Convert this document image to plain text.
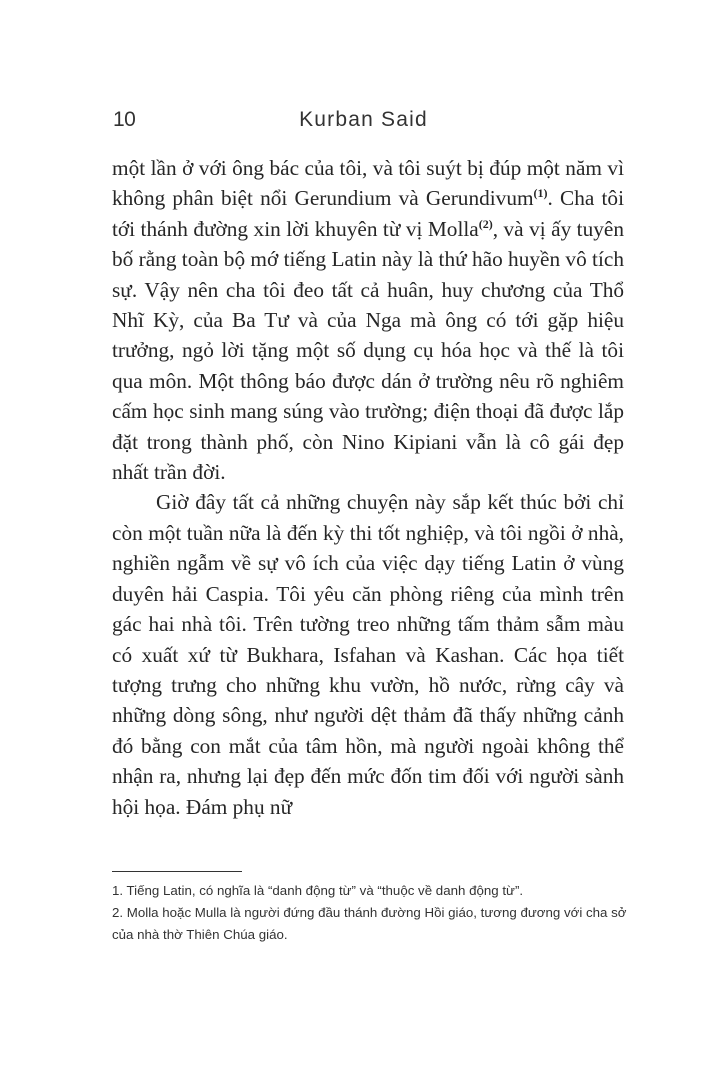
10	Kurban Said

một lần ở với ông bác của tôi, và tôi suýt bị đúp một năm vì không phân biệt nổi Gerundium và Gerundivum$^{(1)}$. Cha tôi tới thánh đường xin lời khuyên từ vị Molla$^{(2)}$, và vị ấy tuyên bố rằng toàn bộ mớ tiếng Latin này là thứ hão huyền vô tích sự. Vậy nên cha tôi đeo tất cả huân, huy chương của Thổ Nhĩ Kỳ, của Ba Tư và của Nga mà ông có tới gặp hiệu trưởng, ngỏ lời tặng một số dụng cụ hóa học và thế là tôi qua môn. Một thông báo được dán ở trường nêu rõ nghiêm cấm học sinh mang súng vào trường; điện thoại đã được lắp đặt trong thành phố, còn Nino Kipiani vẫn là cô gái đẹp nhất trần đời.

Giờ đây tất cả những chuyện này sắp kết thúc bởi chỉ còn một tuần nữa là đến kỳ thi tốt nghiệp, và tôi ngồi ở nhà, nghiền ngẫm về sự vô ích của việc dạy tiếng Latin ở vùng duyên hải Caspia. Tôi yêu căn phòng riêng của mình trên gác hai nhà tôi. Trên tường treo những tấm thảm sẫm màu có xuất xứ từ Bukhara, Isfahan và Kashan. Các họa tiết tượng trưng cho những khu vườn, hồ nước, rừng cây và những dòng sông, như người dệt thảm đã thấy những cảnh đó bằng con mắt của tâm hồn, mà người ngoài không thể nhận ra, nhưng lại đẹp đến mức đốn tim đối với người sành hội họa. Đám phụ nữ

1. Tiếng Latin, có nghĩa là “danh động từ” và “thuộc về danh động từ”.

2. Molla hoặc Mulla là người đứng đầu thánh đường Hồi giáo, tương đương với cha sở của nhà thờ Thiên Chúa giáo.
